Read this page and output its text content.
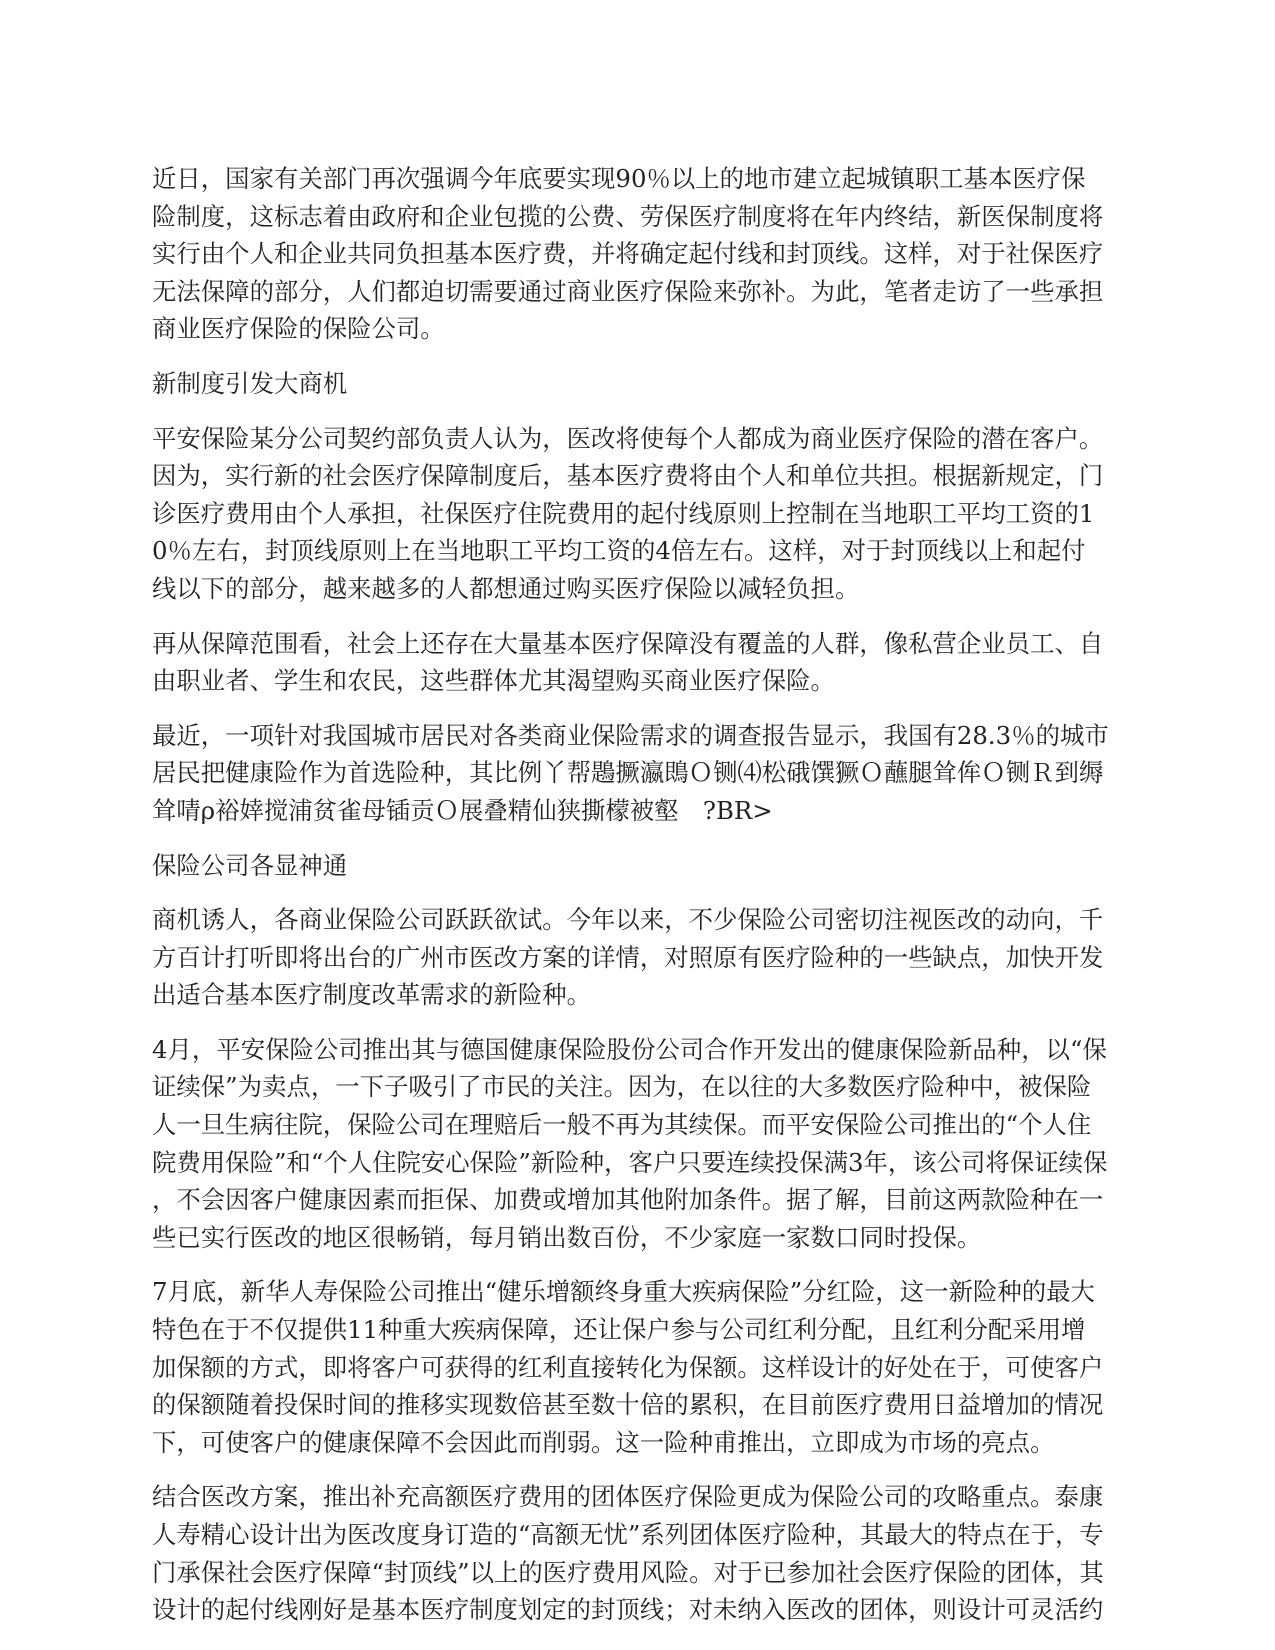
近日，国家有关部门再次强调今年底要实现90％以上的地市建立起城镇职工基本医疗保
险制度，这标志着由政府和企业包揽的公费、劳保医疗制度将在年内终结，新医保制度将
实行由个人和企业共同负担基本医疗费，并将确定起付线和封顶线。这样，对于社保医疗
无法保障的部分，人们都迫切需要通过商业医疗保险来弥补。为此，笔者走访了一些承担
商业医疗保险的保险公司。

新制度引发大商机

平安保险某分公司契约部负责人认为，医改将使每个人都成为商业医疗保险的潜在客户。
因为，实行新的社会医疗保障制度后，基本医疗费将由个人和单位共担。根据新规定，门
诊医疗费用由个人承担，社保医疗住院费用的起付线原则上控制在当地职工平均工资的1
0％左右，封顶线原则上在当地职工平均工资的4倍左右。这样，对于封顶线以上和起付
线以下的部分，越来越多的人都想通过购买医疗保险以减轻负担。

再从保障范围看，社会上还存在大量基本医疗保障没有覆盖的人群，像私营企业员工、自
由职业者、学生和农民，这些群体尤其渴望购买商业医疗保险。

最近，一项针对我国城市居民对各类商业保险需求的调查报告显示，我国有28.3％的城市
居民把健康险作为首选险种，其比例丫帮鶗撅瀛鵖Ｏ铡⑷松硪馔獗Ｏ蘸腿耸侔Ｏ铡Ｒ到缛
耸啨ρ裕婞搅浦贫雀母锸贡Ｏ展叠精仙狭撕檬被壑　?BR>

保险公司各显神通

商机诱人，各商业保险公司跃跃欲试。今年以来，不少保险公司密切注视医改的动向，千
方百计打听即将出台的广州市医改方案的详情，对照原有医疗险种的一些缺点，加快开发
出适合基本医疗制度改革需求的新险种。

4月，平安保险公司推出其与德国健康保险股份公司合作开发出的健康保险新品种，以“保
证续保”为卖点，一下子吸引了市民的关注。因为，在以往的大多数医疗险种中，被保险
人一旦生病往院，保险公司在理赔后一般不再为其续保。而平安保险公司推出的“个人住
院费用保险”和“个人住院安心保险”新险种，客户只要连续投保满3年，该公司将保证续保
，不会因客户健康因素而拒保、加费或增加其他附加条件。据了解，目前这两款险种在一
些已实行医改的地区很畅销，每月销出数百份，不少家庭一家数口同时投保。

7月底，新华人寿保险公司推出“健乐增额终身重大疾病保险”分红险，这一新险种的最大
特色在于不仅提供11种重大疾病保障，还让保户参与公司红利分配，且红利分配采用增
加保额的方式，即将客户可获得的红利直接转化为保额。这样设计的好处在于，可使客户
的保额随着投保时间的推移实现数倍甚至数十倍的累积，在目前医疗费用日益增加的情况
下，可使客户的健康保障不会因此而削弱。这一险种甫推出，立即成为市场的亮点。

结合医改方案，推出补充高额医疗费用的团体医疗保险更成为保险公司的攻略重点。泰康
人寿精心设计出为医改度身订造的“高额无忧”系列团体医疗险种，其最大的特点在于，专
门承保社会医疗保障“封顶线”以上的医疗费用风险。对于已参加社会医疗保险的团体，其
设计的起付线刚好是基本医疗制度划定的封顶线；对未纳入医改的团体，则设计可灵活约
